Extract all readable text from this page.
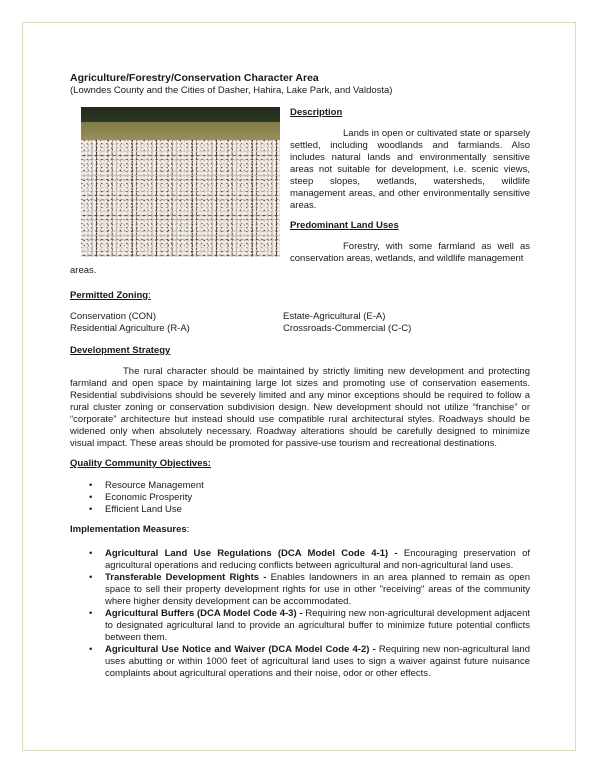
Agriculture/Forestry/Conservation Character Area
(Lowndes County and the Cities of Dasher, Hahira, Lake Park, and Valdosta)
Description
Lands in open or cultivated state or sparsely settled, including woodlands and farmlands. Also includes natural lands and environmentally sensitive areas not suitable for development, i.e. scenic views, steep slopes, wetlands, watersheds, wildlife management areas, and other environmentally sensitive areas.
Predominant Land Uses
Forestry, with some farmland as well as conservation areas, wetlands, and wildlife management
areas.
Permitted Zoning:
Conservation (CON)
Residential Agriculture (R-A)
Estate-Agricultural (E-A)
Crossroads-Commercial (C-C)
Development Strategy
The rural character should be maintained by strictly limiting new development and protecting farmland and open space by maintaining large lot sizes and promoting use of conservation easements. Residential subdivisions should be severely limited and any minor exceptions should be required to follow a rural cluster zoning or conservation subdivision design. New development should not utilize “franchise” or “corporate” architecture but instead should use compatible rural architectural styles. Roadways should be widened only when absolutely necessary. Roadway alterations should be carefully designed to minimize visual impact. These areas should be promoted for passive-use tourism and recreational destinations.
Quality Community Objectives:
• Resource Management
• Economic Prosperity
• Efficient Land Use
Implementation Measures:
• Agricultural Land Use Regulations (DCA Model Code 4-1) - Encouraging preservation of agricultural operations and reducing conflicts between agricultural and non-agricultural land uses.
• Transferable Development Rights - Enables landowners in an area planned to remain as open space to sell their property development rights for use in other "receiving" areas of the community where higher density development can be accommodated.
• Agricultural Buffers (DCA Model Code 4-3) - Requiring new non-agricultural development adjacent to designated agricultural land to provide an agricultural buffer to minimize future potential conflicts between them.
• Agricultural Use Notice and Waiver (DCA Model Code 4-2) - Requiring new non-agricultural land uses abutting or within 1000 feet of agricultural land uses to sign a waiver against future nuisance complaints about agricultural operations and their noise, odor or other effects.
